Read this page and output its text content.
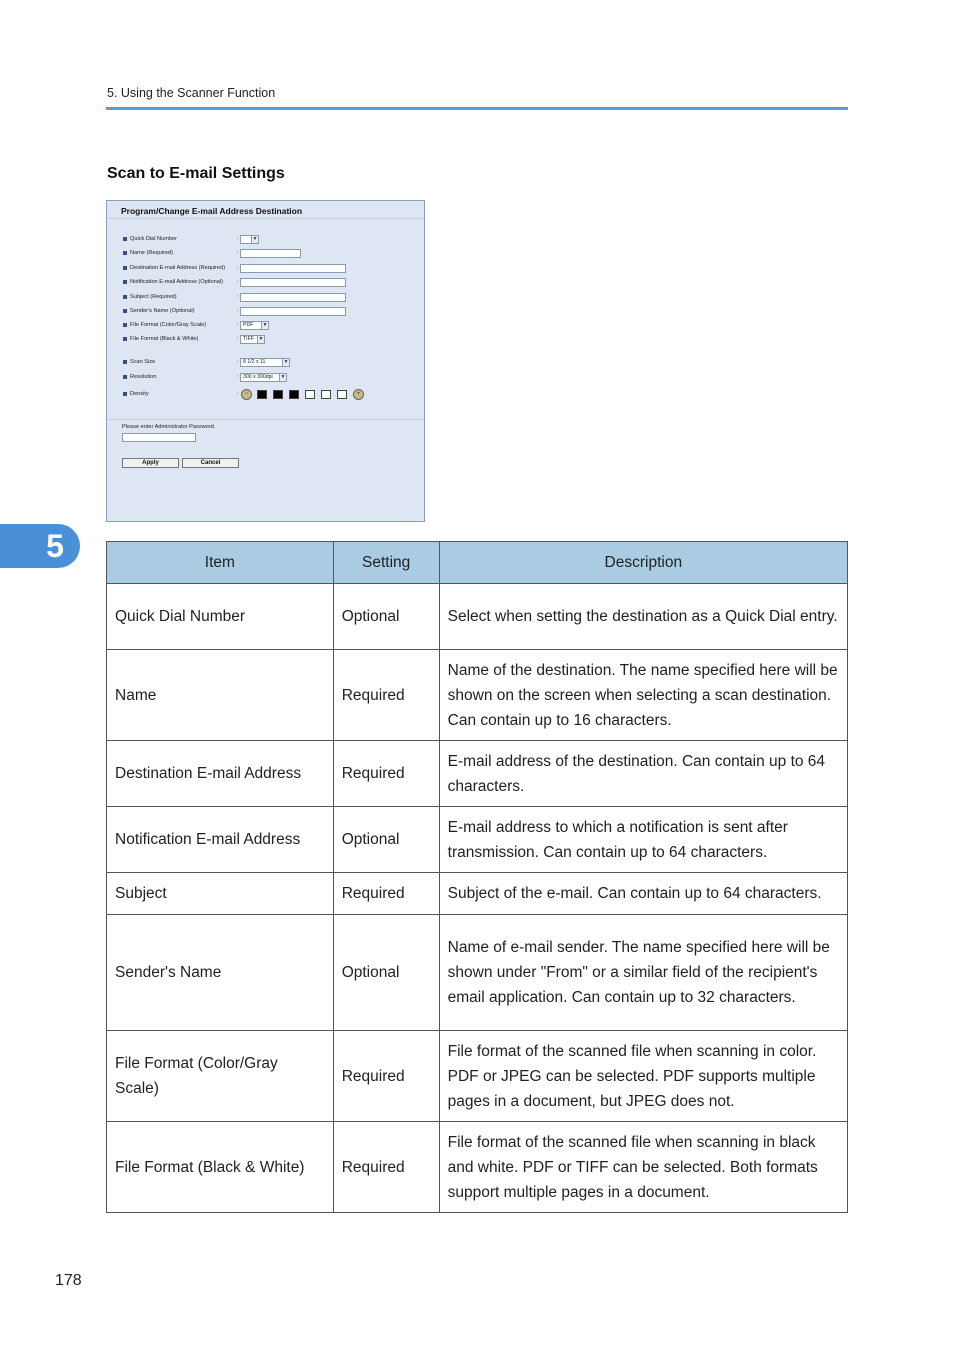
5. Using the Scanner Function
Scan to E-mail Settings
Program/Change E-mail Address Destination
Quick Dial Number	:	▼
Name (Required)	:
Destination E-mail Address (Required) :
Notification E-mail Address (Optional)	:
Subject (Required)	:
Sender's Name (Optional)	:
File Format (Color/Gray Scale)	: PDF	▼
File Format (Black & White)	: TIFF ▼
Scan Size	: 8 1/2 x 11	▼
Resolution	: 300 x 300dpi	▼
Density	:	−	+
Please enter Administrator Password.
Apply	Cancel
5	Item	Setting	Description
Quick Dial Number	Optional	Select when setting the destination as a Quick Dial entry.
Name	Required	Name of the destination. The name specified here will be shown on the screen when selecting a scan destination. Can contain up to 16 characters.
Destination E-mail Address	Required	E-mail address of the destination. Can contain up to 64 characters.
Notification E-mail Address	Optional	E-mail address to which a notification is sent after transmission. Can contain up to 64 characters.
Subject	Required	Subject of the e-mail. Can contain up to 64 characters.
Sender's Name	Optional	Name of e-mail sender. The name specified here will be shown under "From" or a similar field of the recipient's email application. Can contain up to 32 characters.
File Format (Color/Gray Scale)	Required	File format of the scanned file when scanning in color. PDF or JPEG can be selected. PDF supports multiple pages in a document, but JPEG does not.
File Format (Black & White)	Required	File format of the scanned file when scanning in black and white. PDF or TIFF can be selected. Both formats support multiple pages in a document.
178
